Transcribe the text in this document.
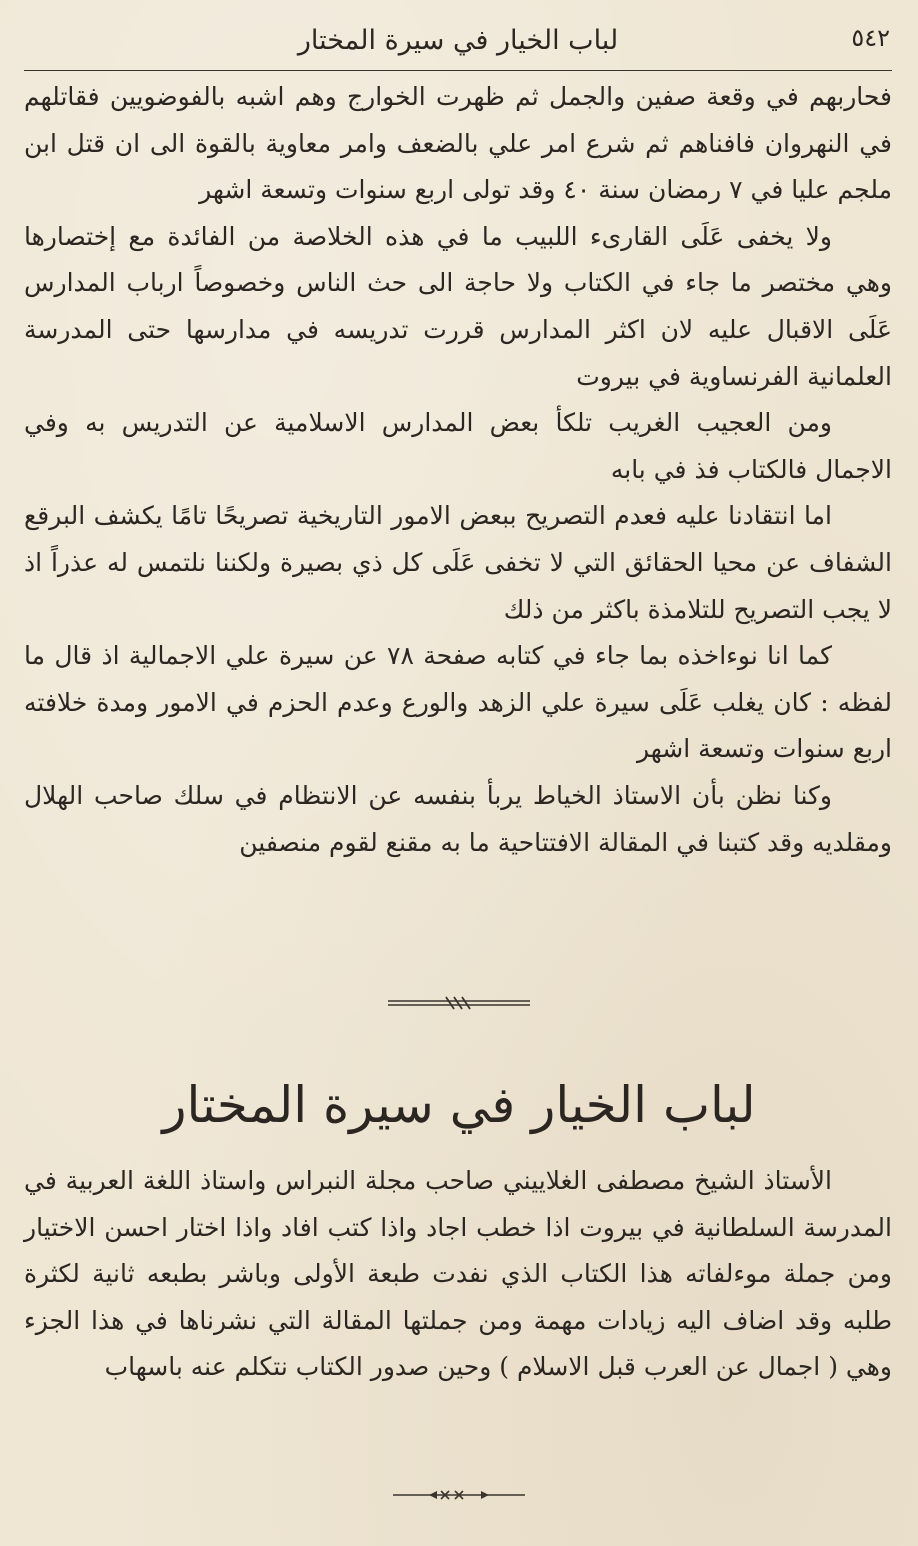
لباب الخيار في سيرة المختار	٥٤٢

فحاربهم في وقعة صفين والجمل ثم ظهرت الخوارج وهم اشبه بالفوضويين فقاتلهم في النهروان فافناهم ثم شرع امر علي بالضعف وامر معاوية بالقوة الى ان قتل ابن ملجم عليا في ٧ رمضان سنة ٤٠ وقد تولى اربع سنوات وتسعة اشهر

ولا يخفى عَلَى القارىء اللبيب ما في هذه الخلاصة من الفائدة مع إختصارها وهي مختصر ما جاء في الكتاب ولا حاجة الى حث الناس وخصوصاً ارباب المدارس عَلَى الاقبال عليه لان اكثر المدارس قررت تدريسه في مدارسها حتى المدرسة العلمانية الفرنساوية في بيروت

ومن العجيب الغريب تلكأ بعض المدارس الاسلامية عن التدريس به وفي الاجمال فالكتاب فذ في بابه

اما انتقادنا عليه فعدم التصريح ببعض الامور التاريخية تصريحًا تامًا يكشف البرقع الشفاف عن محيا الحقائق التي لا تخفى عَلَى كل ذي بصيرة ولكننا نلتمس له عذراً اذ لا يجب التصريح للتلامذة باكثر من ذلك

كما انا نوءاخذه بما جاء في كتابه صفحة ٧٨ عن سيرة علي الاجمالية اذ قال ما لفظه : كان يغلب عَلَى سيرة علي الزهد والورع وعدم الحزم في الامور ومدة خلافته اربع سنوات وتسعة اشهر

وكنا نظن بأن الاستاذ الخياط يربأ بنفسه عن الانتظام في سلك صاحب الهلال ومقلديه وقد كتبنا في المقالة الافتتاحية ما به مقنع لقوم منصفين

لباب الخيار في سيرة المختار

الأستاذ الشيخ مصطفى الغلاييني صاحب مجلة النبراس واستاذ اللغة العربية في المدرسة السلطانية في بيروت اذا خطب اجاد واذا كتب افاد واذا اختار احسن الاختيار ومن جملة موءلفاته هذا الكتاب الذي نفدت طبعة الأولى وباشر بطبعه ثانية لكثرة طلبه وقد اضاف اليه زيادات مهمة ومن جملتها المقالة التي نشرناها في هذا الجزء وهي ( اجمال عن العرب قبل الاسلام ) وحين صدور الكتاب نتكلم عنه باسهاب
